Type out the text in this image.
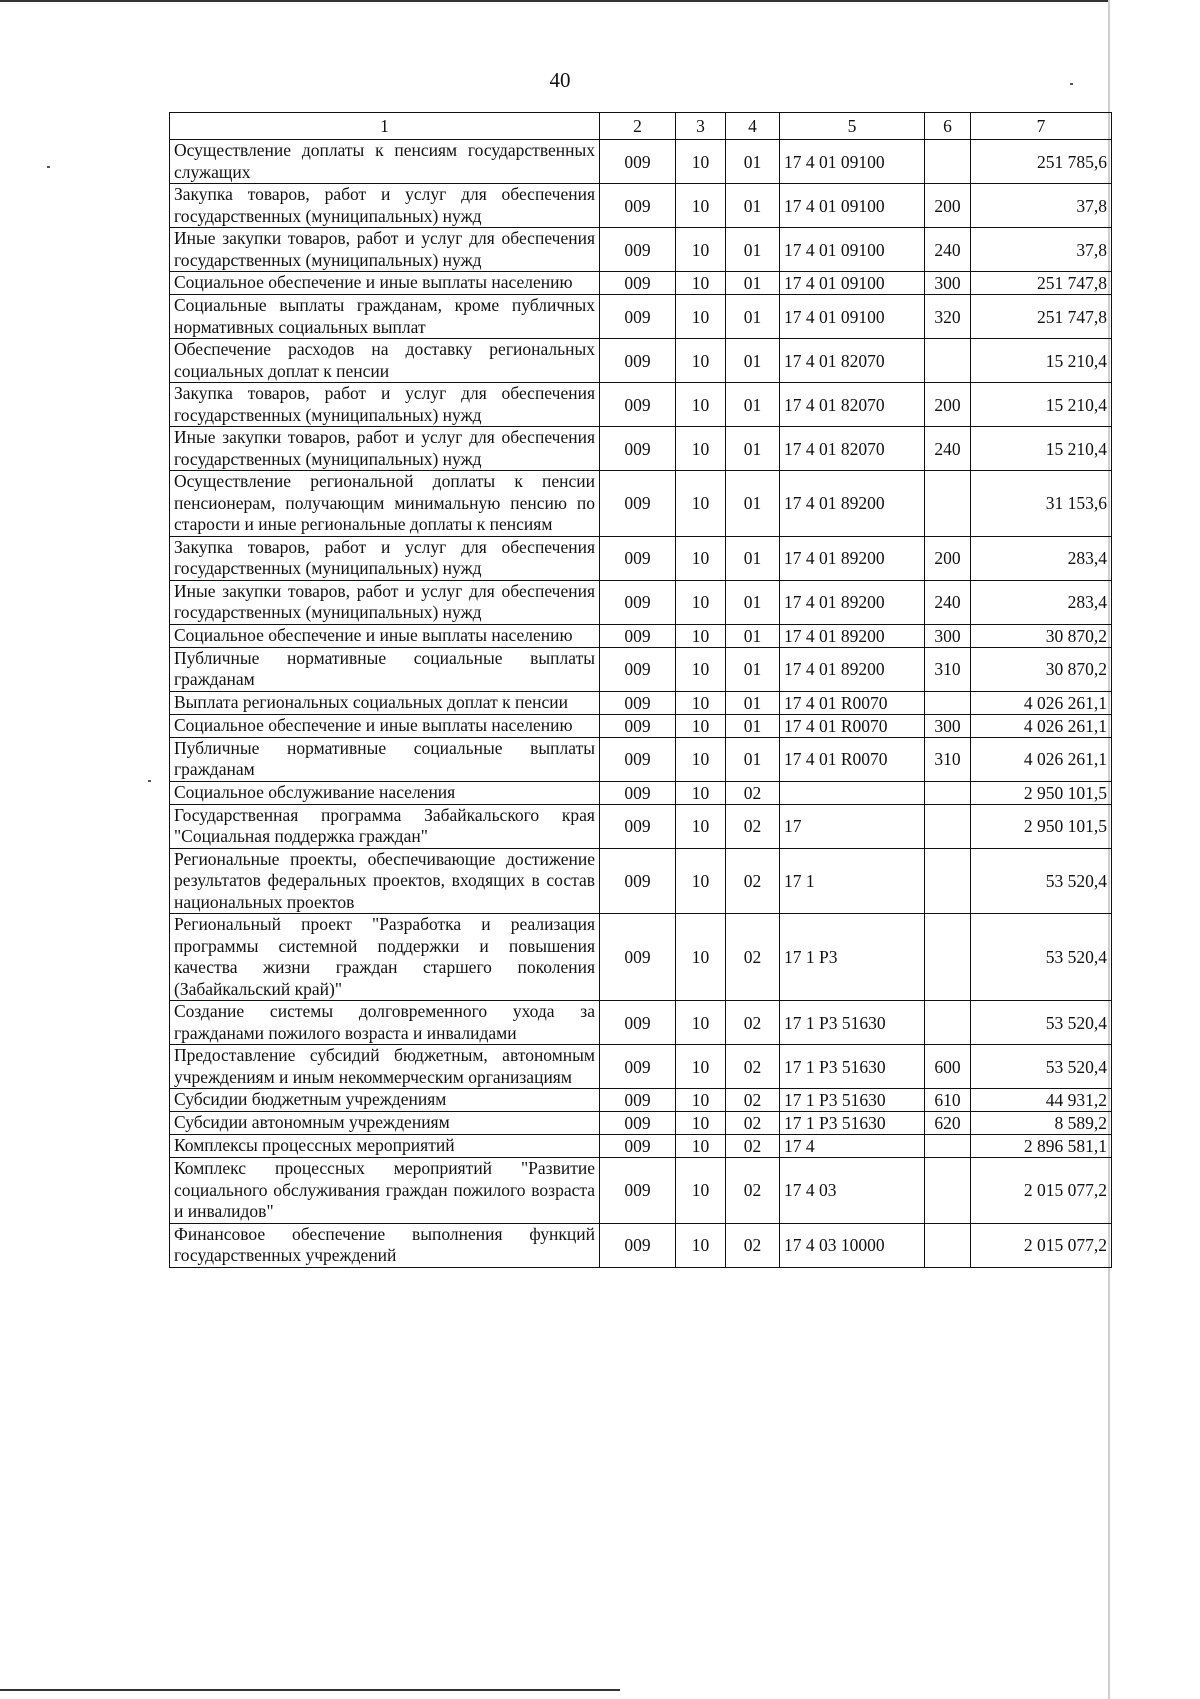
40
1	2	3	4	5	6	7
Осуществление доплаты к пенсиям государственных служащих	009	10	01	17 4 01 09100		251 785,6
Закупка товаров, работ и услуг для обеспечения государственных (муниципальных) нужд	009	10	01	17 4 01 09100	200	37,8
Иные закупки товаров, работ и услуг для обеспечения государственных (муниципальных) нужд	009	10	01	17 4 01 09100	240	37,8
Социальное обеспечение и иные выплаты населению	009	10	01	17 4 01 09100	300	251 747,8
Социальные выплаты гражданам, кроме публичных нормативных социальных выплат	009	10	01	17 4 01 09100	320	251 747,8
Обеспечение расходов на доставку региональных социальных доплат к пенсии	009	10	01	17 4 01 82070		15 210,4
Закупка товаров, работ и услуг для обеспечения государственных (муниципальных) нужд	009	10	01	17 4 01 82070	200	15 210,4
Иные закупки товаров, работ и услуг для обеспечения государственных (муниципальных) нужд	009	10	01	17 4 01 82070	240	15 210,4
Осуществление региональной доплаты к пенсии пенсионерам, получающим минимальную пенсию по старости и иные региональные доплаты к пенсиям	009	10	01	17 4 01 89200		31 153,6
Закупка товаров, работ и услуг для обеспечения государственных (муниципальных) нужд	009	10	01	17 4 01 89200	200	283,4
Иные закупки товаров, работ и услуг для обеспечения государственных (муниципальных) нужд	009	10	01	17 4 01 89200	240	283,4
Социальное обеспечение и иные выплаты населению	009	10	01	17 4 01 89200	300	30 870,2
Публичные нормативные социальные выплаты гражданам	009	10	01	17 4 01 89200	310	30 870,2
Выплата региональных социальных доплат к пенсии	009	10	01	17 4 01 R0070		4 026 261,1
Социальное обеспечение и иные выплаты населению	009	10	01	17 4 01 R0070	300	4 026 261,1
Публичные нормативные социальные выплаты гражданам	009	10	01	17 4 01 R0070	310	4 026 261,1
Социальное обслуживание населения	009	10	02			2 950 101,5
Государственная программа Забайкальского края "Социальная поддержка граждан"	009	10	02	17		2 950 101,5
Региональные проекты, обеспечивающие достижение результатов федеральных проектов, входящих в состав национальных проектов	009	10	02	17 1		53 520,4
Региональный проект "Разработка и реализация программы системной поддержки и повышения качества жизни граждан старшего поколения (Забайкальский край)"	009	10	02	17 1 P3		53 520,4
Создание системы долговременного ухода за гражданами пожилого возраста и инвалидами	009	10	02	17 1 P3 51630		53 520,4
Предоставление субсидий бюджетным, автономным учреждениям и иным некоммерческим организациям	009	10	02	17 1 P3 51630	600	53 520,4
Субсидии бюджетным учреждениям	009	10	02	17 1 P3 51630	610	44 931,2
Субсидии автономным учреждениям	009	10	02	17 1 P3 51630	620	8 589,2
Комплексы процессных мероприятий	009	10	02	17 4		2 896 581,1
Комплекс процессных мероприятий "Развитие социального обслуживания граждан пожилого возраста и инвалидов"	009	10	02	17 4 03		2 015 077,2
Финансовое обеспечение выполнения функций государственных учреждений	009	10	02	17 4 03 10000		2 015 077,2
